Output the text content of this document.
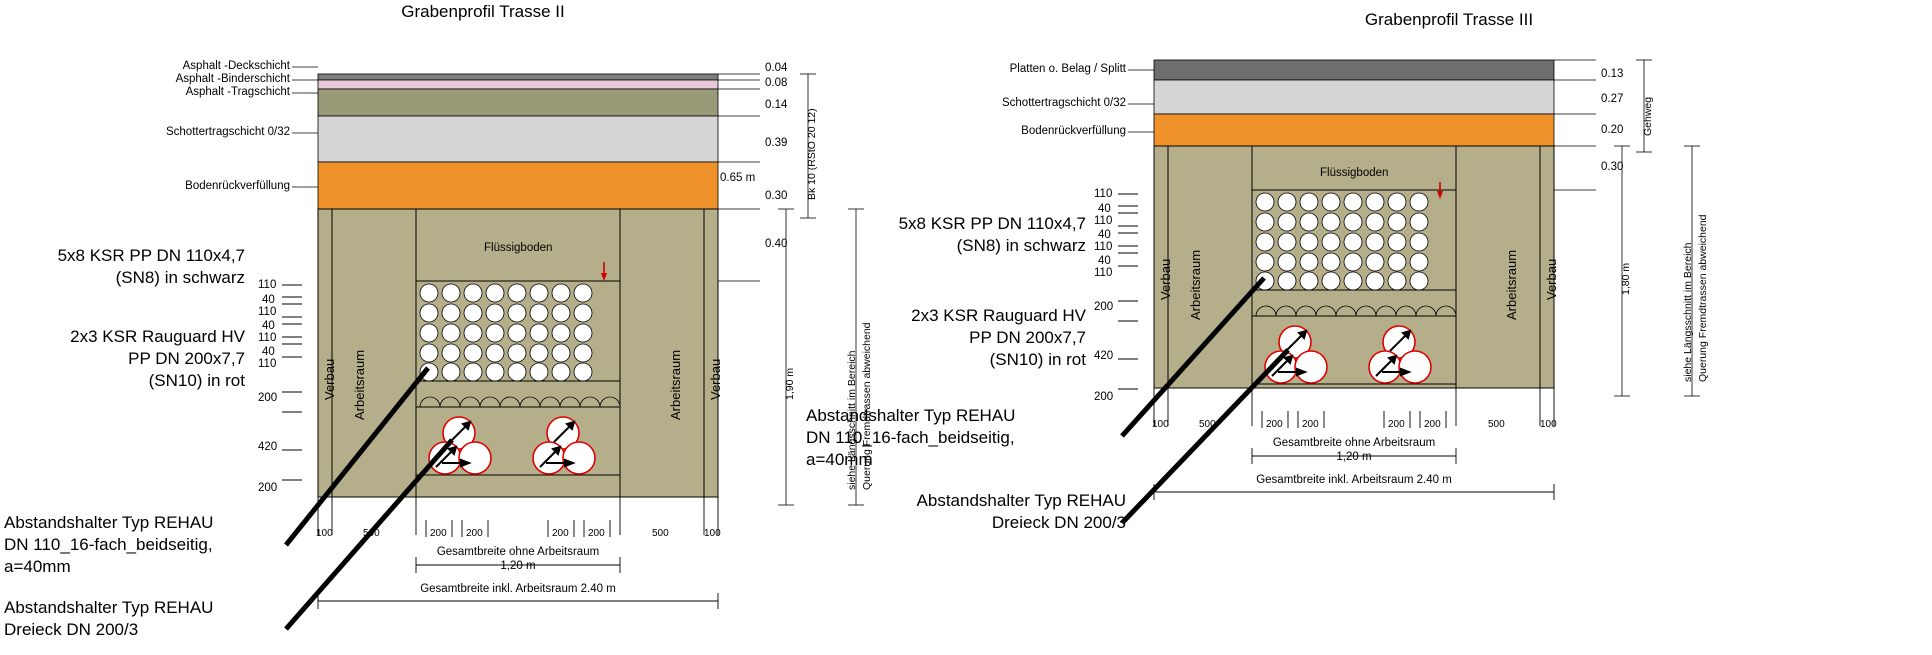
Grabenprofil Trasse II
Asphalt -Deckschicht
Asphalt -Binderschicht
Asphalt -Tragschicht
Schottertragschicht 0/32
Bodenrückverfüllung
0.04
0.08
0.14
0.39
0.65 m
0.30
0.40
Bk 10 (RStO 20 12)
1,90 m	siehe Längsschnitt im Bereich Querung Fremdtrassen abweichend
Flüssigboden
Verbau	Verbau
Arbeitsraum	Arbeitsraum
110
40
110
40
110
40
110
200
420
200
100	500	200 200	200 200	500	100
Gesamtbreite ohne Arbeitsraum
1,20 m
Gesamtbreite inkl. Arbeitsraum 2.40 m
5x8 KSR PP DN 110x4,7
(SN8) in schwarz
2x3 KSR Rauguard HV
PP DN 200x7,7
(SN10) in rot
Abstandshalter Typ REHAU
DN 110_16-fach_beidseitig,
a=40mm
Abstandshalter Typ REHAU
Dreieck DN 200/3
Grabenprofil Trasse III
Platten o. Belag / Splitt
Schottertragschicht 0/32
Bodenrückverfüllung
0.13
0.27
0.20
0.30
Gehweg
1,80 m	siehe Längsschnitt im Bereich Querung Fremdtrassen abweichend
Flüssigboden
Verbau	Verbau
Arbeitsraum	Arbeitsraum
110
40
110
40
110
40
110
200
420
200
100	500	200 200	200 200	500	100
Gesamtbreite ohne Arbeitsraum
1,20 m
Gesamtbreite inkl. Arbeitsraum 2.40 m
5x8 KSR PP DN 110x4,7
(SN8) in schwarz
2x3 KSR Rauguard HV
PP DN 200x7,7
(SN10) in rot
Abstandshalter Typ REHAU
DN 110_16-fach_beidseitig,
a=40mm
Abstandshalter Typ REHAU
Dreieck DN 200/3
